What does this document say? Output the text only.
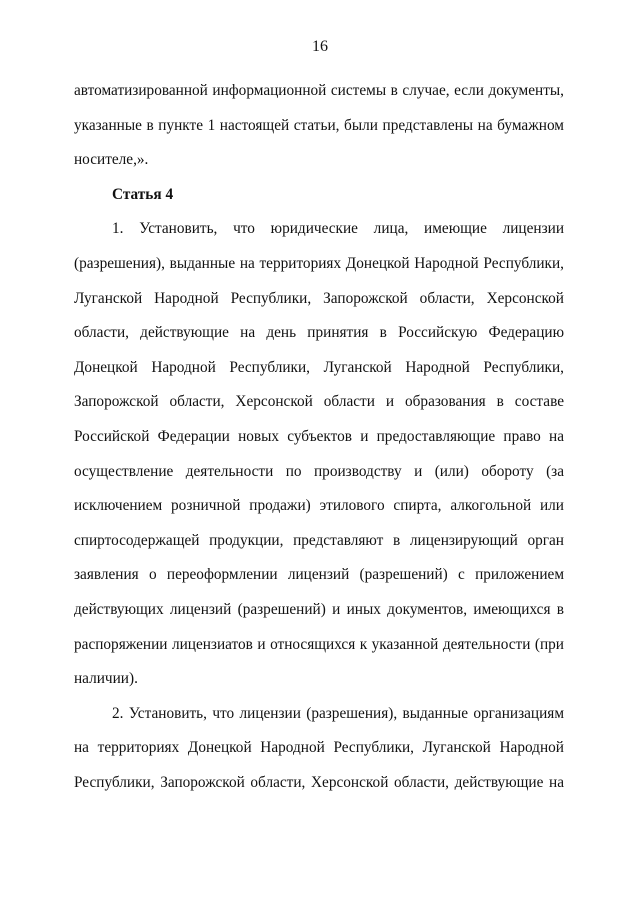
16

автоматизированной информационной системы в случае, если документы,
указанные в пункте 1 настоящей статьи, были представлены на бумажном
носителе,».

Статья 4

1. Установить, что юридические лица, имеющие лицензии
(разрешения), выданные на территориях Донецкой Народной Республики,
Луганской Народной Республики, Запорожской области, Херсонской
области, действующие на день принятия в Российскую Федерацию
Донецкой Народной Республики, Луганской Народной Республики,
Запорожской области, Херсонской области и образования в составе
Российской Федерации новых субъектов и предоставляющие право на
осуществление деятельности по производству и (или) обороту (за
исключением розничной продажи) этилового спирта, алкогольной или
спиртосодержащей продукции, представляют в лицензирующий орган
заявления о переоформлении лицензий (разрешений) с приложением
действующих лицензий (разрешений) и иных документов, имеющихся в
распоряжении лицензиатов и относящихся к указанной деятельности (при
наличии).

2. Установить, что лицензии (разрешения), выданные организациям
на территориях Донецкой Народной Республики, Луганской Народной
Республики, Запорожской области, Херсонской области, действующие на
